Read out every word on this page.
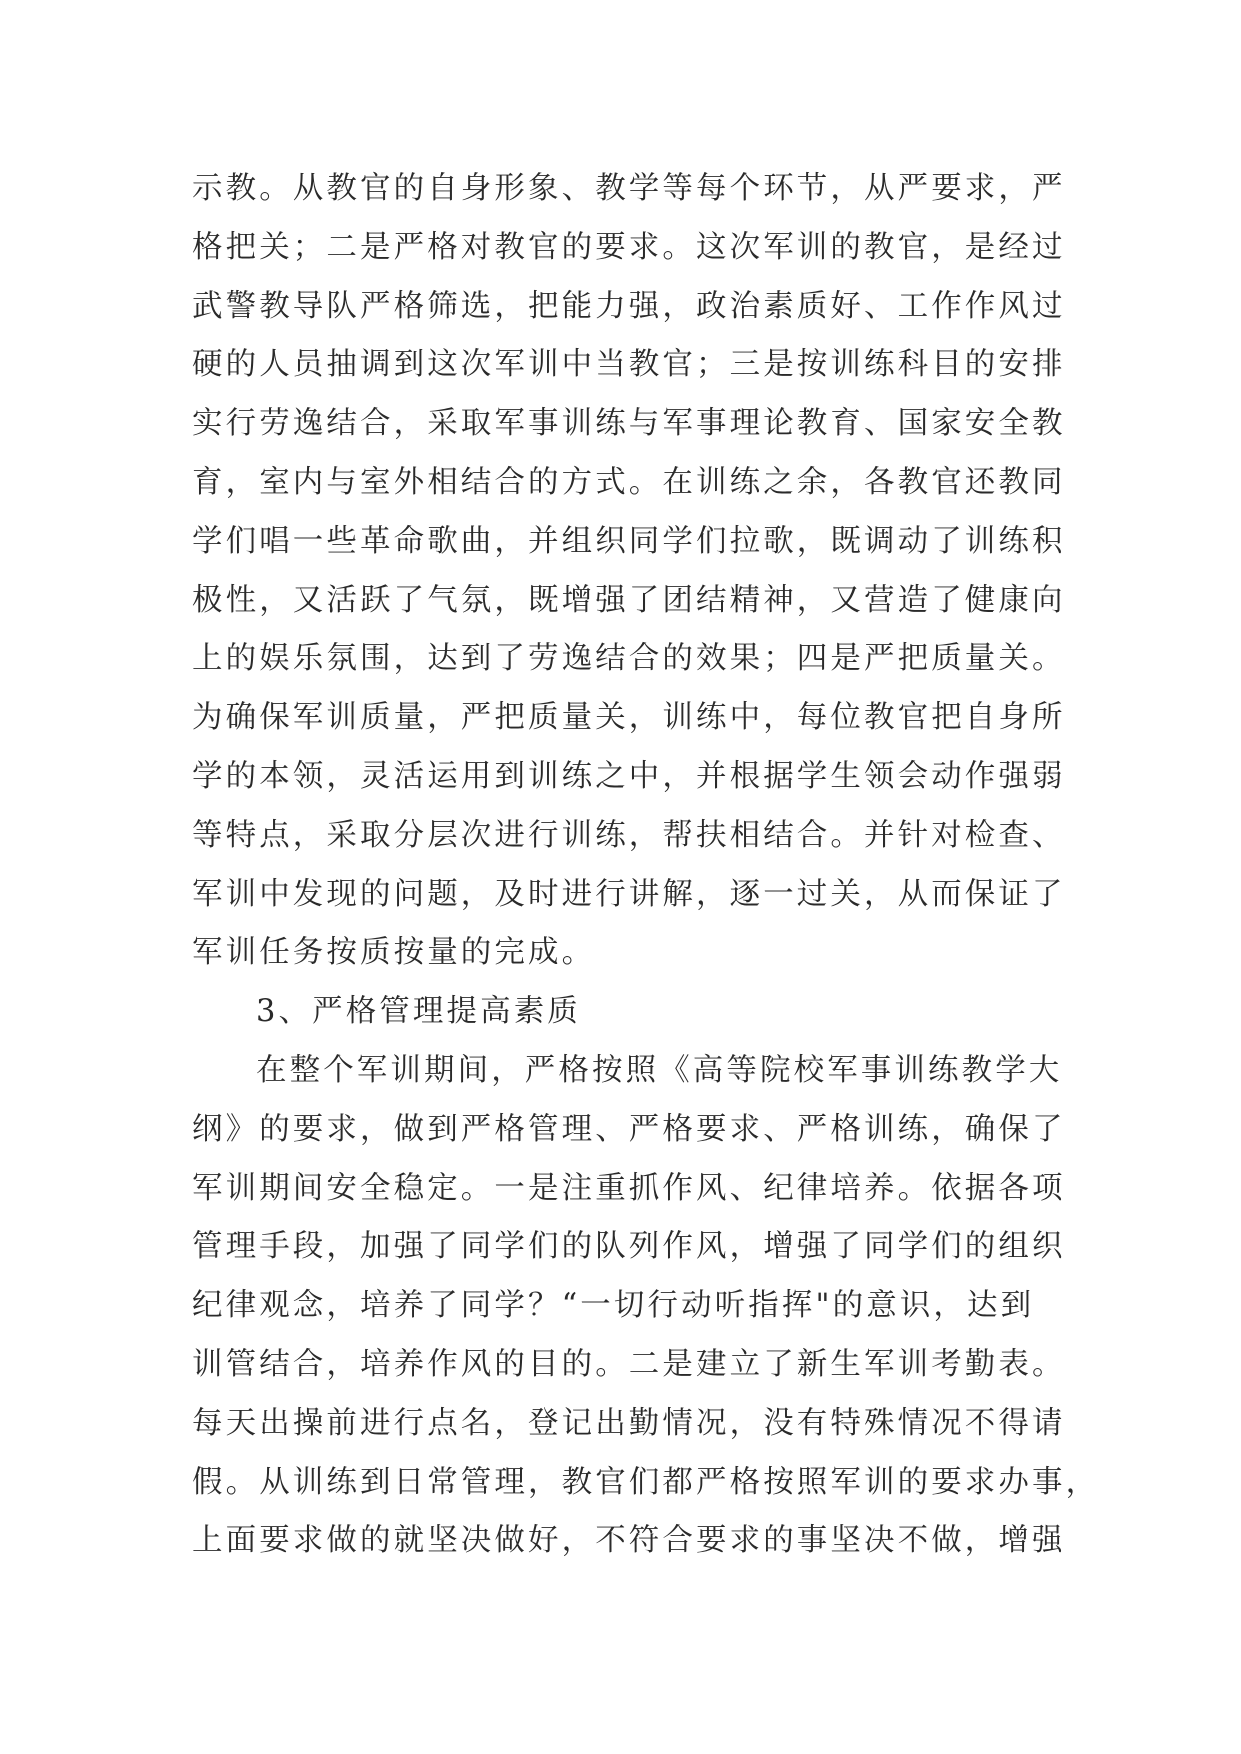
示教。从教官的自身形象、教学等每个环节，从严要求，严
格把关；二是严格对教官的要求。这次军训的教官，是经过
武警教导队严格筛选，把能力强，政治素质好、工作作风过
硬的人员抽调到这次军训中当教官；三是按训练科目的安排
实行劳逸结合，采取军事训练与军事理论教育、国家安全教
育，室内与室外相结合的方式。在训练之余，各教官还教同
学们唱一些革命歌曲，并组织同学们拉歌，既调动了训练积
极性，又活跃了气氛，既增强了团结精神，又营造了健康向
上的娱乐氛围，达到了劳逸结合的效果；四是严把质量关。
为确保军训质量，严把质量关，训练中，每位教官把自身所
学的本领，灵活运用到训练之中，并根据学生领会动作强弱
等特点，采取分层次进行训练，帮扶相结合。并针对检查、
军训中发现的问题，及时进行讲解，逐一过关，从而保证了
军训任务按质按量的完成。
3、严格管理提高素质
在整个军训期间，严格按照《高等院校军事训练教学大
纲》的要求，做到严格管理、严格要求、严格训练，确保了
军训期间安全稳定。一是注重抓作风、纪律培养。依据各项
管理手段，加强了同学们的队列作风，增强了同学们的组织
纪律观念，培养了同学？“一切行动听指挥"的意识，达到
训管结合，培养作风的目的。二是建立了新生军训考勤表。
每天出操前进行点名，登记出勤情况，没有特殊情况不得请
假。从训练到日常管理，教官们都严格按照军训的要求办事，
上面要求做的就坚决做好，不符合要求的事坚决不做，增强
